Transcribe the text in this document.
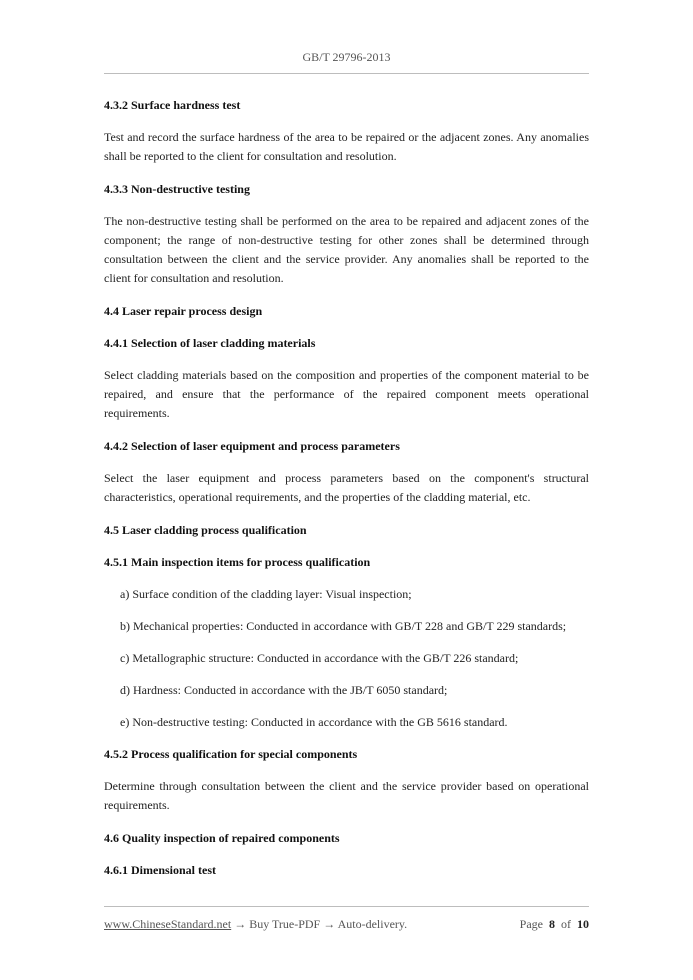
GB/T 29796-2013
4.3.2 Surface hardness test
Test and record the surface hardness of the area to be repaired or the adjacent zones. Any anomalies shall be reported to the client for consultation and resolution.
4.3.3 Non-destructive testing
The non-destructive testing shall be performed on the area to be repaired and adjacent zones of the component; the range of non-destructive testing for other zones shall be determined through consultation between the client and the service provider. Any anomalies shall be reported to the client for consultation and resolution.
4.4 Laser repair process design
4.4.1 Selection of laser cladding materials
Select cladding materials based on the composition and properties of the component material to be repaired, and ensure that the performance of the repaired component meets operational requirements.
4.4.2 Selection of laser equipment and process parameters
Select the laser equipment and process parameters based on the component's structural characteristics, operational requirements, and the properties of the cladding material, etc.
4.5 Laser cladding process qualification
4.5.1 Main inspection items for process qualification
a) Surface condition of the cladding layer: Visual inspection;
b) Mechanical properties: Conducted in accordance with GB/T 228 and GB/T 229 standards;
c) Metallographic structure: Conducted in accordance with the GB/T 226 standard;
d) Hardness: Conducted in accordance with the JB/T 6050 standard;
e) Non-destructive testing: Conducted in accordance with the GB 5616 standard.
4.5.2 Process qualification for special components
Determine through consultation between the client and the service provider based on operational requirements.
4.6 Quality inspection of repaired components
4.6.1 Dimensional test
www.ChineseStandard.net → Buy True-PDF → Auto-delivery.	Page 8 of 10
